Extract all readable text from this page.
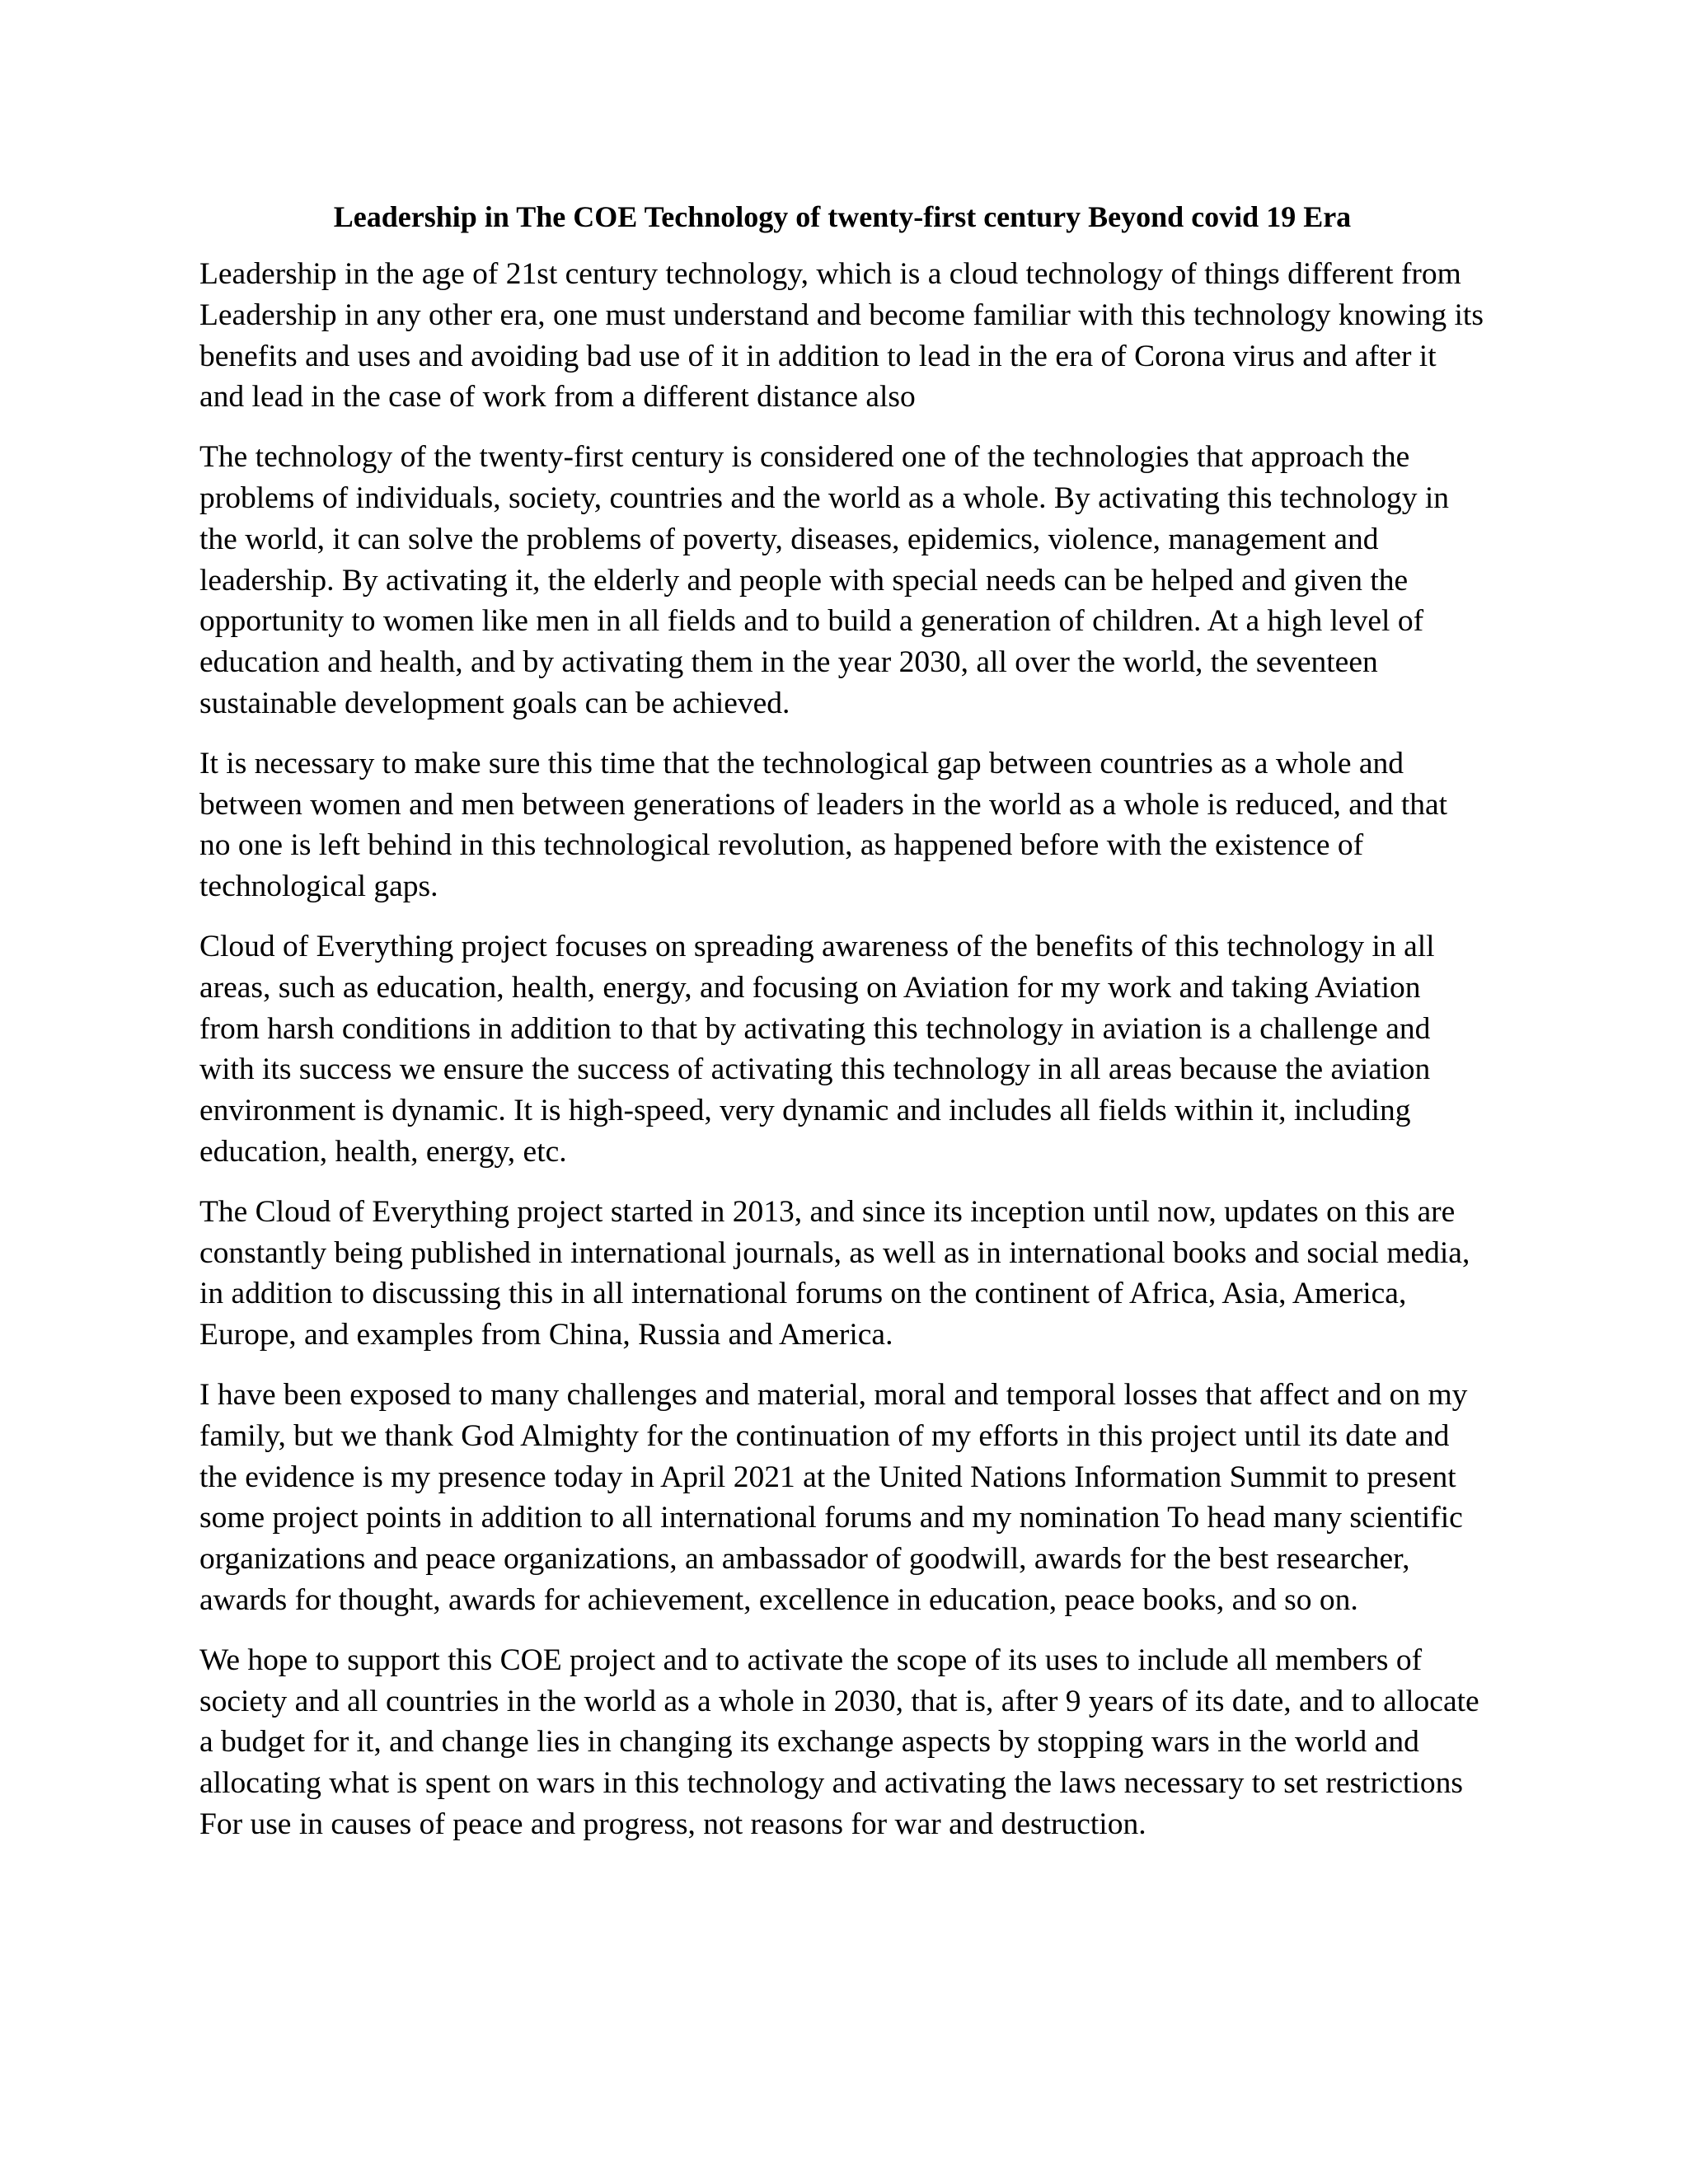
Leadership in The COE Technology of twenty-first century Beyond covid 19 Era

Leadership in the age of 21st century technology, which is a cloud technology of things different from Leadership in any other era, one must understand and become familiar with this technology knowing its benefits and uses and avoiding bad use of it in addition to lead in the era of Corona virus and after it and lead in the case of work from a different distance also

The technology of the twenty-first century is considered one of the technologies that approach the problems of individuals, society, countries and the world as a whole. By activating this technology in the world, it can solve the problems of poverty, diseases, epidemics, violence, management and leadership. By activating it, the elderly and people with special needs can be helped and given the opportunity to women like men in all fields and to build a generation of children. At a high level of education and health, and by activating them in the year 2030, all over the world, the seventeen sustainable development goals can be achieved.

It is necessary to make sure this time that the technological gap between countries as a whole and between women and men between generations of leaders in the world as a whole is reduced, and that no one is left behind in this technological revolution, as happened before with the existence of technological gaps.

Cloud of Everything project focuses on spreading awareness of the benefits of this technology in all areas, such as education, health, energy, and focusing on Aviation for my work and taking Aviation from harsh conditions in addition to that by activating this technology in aviation is a challenge and with its success we ensure the success of activating this technology in all areas because the aviation environment is dynamic. It is high-speed, very dynamic and includes all fields within it, including education, health, energy, etc.

The Cloud of Everything project started in 2013, and since its inception until now, updates on this are constantly being published in international journals, as well as in international books and social media, in addition to discussing this in all international forums on the continent of Africa, Asia, America, Europe, and examples from China, Russia and America.

I have been exposed to many challenges and material, moral and temporal losses that affect and on my family, but we thank God Almighty for the continuation of my efforts in this project until its date and the evidence is my presence today in April 2021 at the United Nations Information Summit to present some project points in addition to all international forums and my nomination To head many scientific organizations and peace organizations, an ambassador of goodwill, awards for the best researcher, awards for thought, awards for achievement, excellence in education, peace books, and so on.

We hope to support this COE project and to activate the scope of its uses to include all members of society and all countries in the world as a whole in 2030, that is, after 9 years of its date, and to allocate a budget for it, and change lies in changing its exchange aspects by stopping wars in the world and allocating what is spent on wars in this technology and activating the laws necessary to set restrictions For use in causes of peace and progress, not reasons for war and destruction.
